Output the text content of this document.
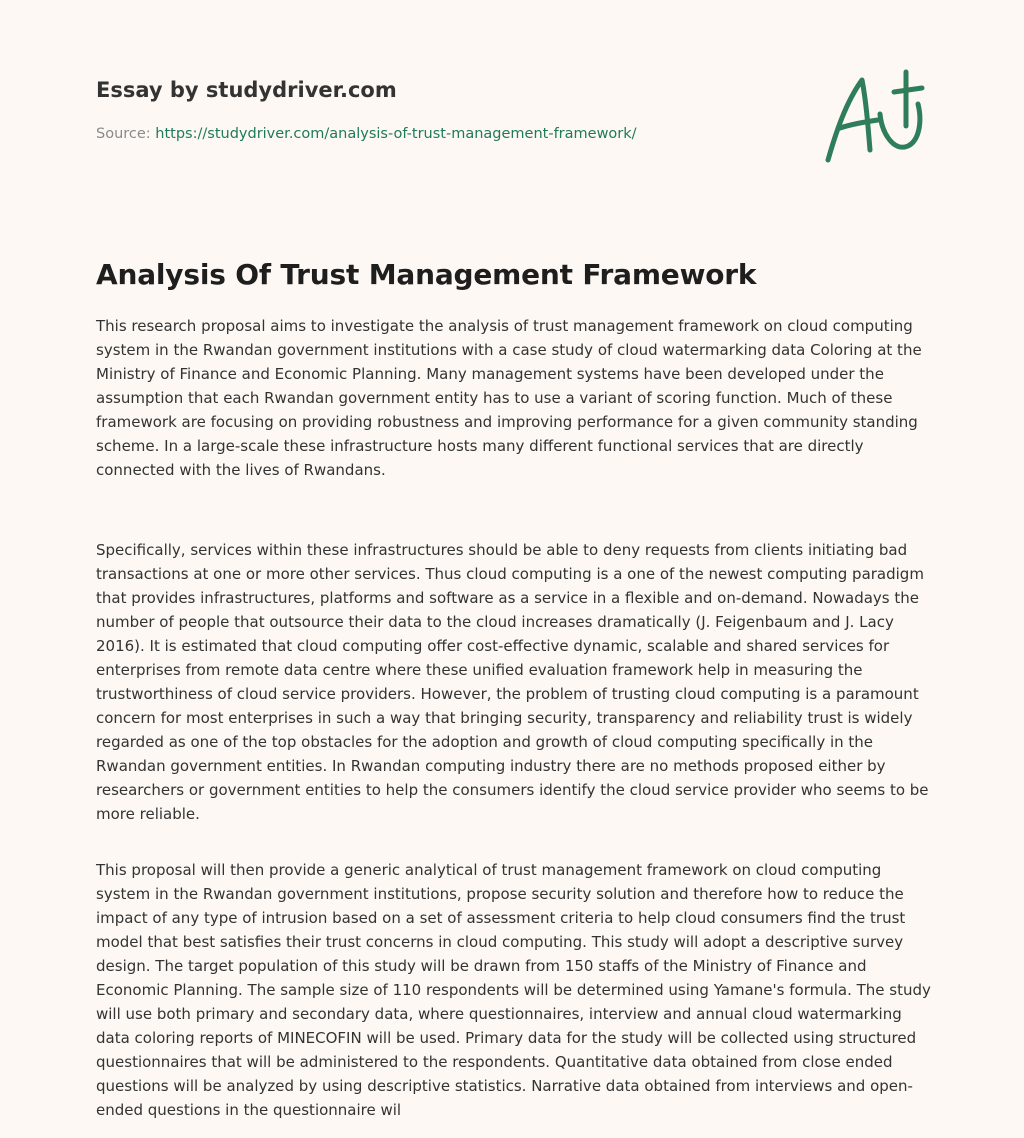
Essay by studydriver.com
Source: https://studydriver.com/analysis-of-trust-management-framework/
Analysis Of Trust Management Framework

This research proposal aims to investigate the analysis of trust management framework on cloud computing system in the Rwandan government institutions with a case study of cloud watermarking data Coloring at the Ministry of Finance and Economic Planning. Many management systems have been developed under the assumption that each Rwandan government entity has to use a variant of scoring function. Much of these framework are focusing on providing robustness and improving performance for a given community standing scheme. In a large-scale these infrastructure hosts many different functional services that are directly connected with the lives of Rwandans.

Specifically, services within these infrastructures should be able to deny requests from clients initiating bad transactions at one or more other services. Thus cloud computing is a one of the newest computing paradigm that provides infrastructures, platforms and software as a service in a flexible and on-demand. Nowadays the number of people that outsource their data to the cloud increases dramatically (J. Feigenbaum and J. Lacy 2016). It is estimated that cloud computing offer cost-effective dynamic, scalable and shared services for enterprises from remote data centre where these unified evaluation framework help in measuring the trustworthiness of cloud service providers. However, the problem of trusting cloud computing is a paramount concern for most enterprises in such a way that bringing security, transparency and reliability trust is widely regarded as one of the top obstacles for the adoption and growth of cloud computing specifically in the Rwandan government entities. In Rwandan computing industry there are no methods proposed either by researchers or government entities to help the consumers identify the cloud service provider who seems to be more reliable.

This proposal will then provide a generic analytical of trust management framework on cloud computing system in the Rwandan government institutions, propose security solution and therefore how to reduce the impact of any type of intrusion based on a set of assessment criteria to help cloud consumers find the trust model that best satisfies their trust concerns in cloud computing. This study will adopt a descriptive survey design. The target population of this study will be drawn from 150 staffs of the Ministry of Finance and Economic Planning. The sample size of 110 respondents will be determined using Yamane's formula. The study will use both primary and secondary data, where questionnaires, interview and annual cloud watermarking data coloring reports of MINECOFIN will be used. Primary data for the study will be collected using structured questionnaires that will be administered to the respondents. Quantitative data obtained from close ended questions will be analyzed by using descriptive statistics. Narrative data obtained from interviews and open-ended questions in the questionnaire wil
